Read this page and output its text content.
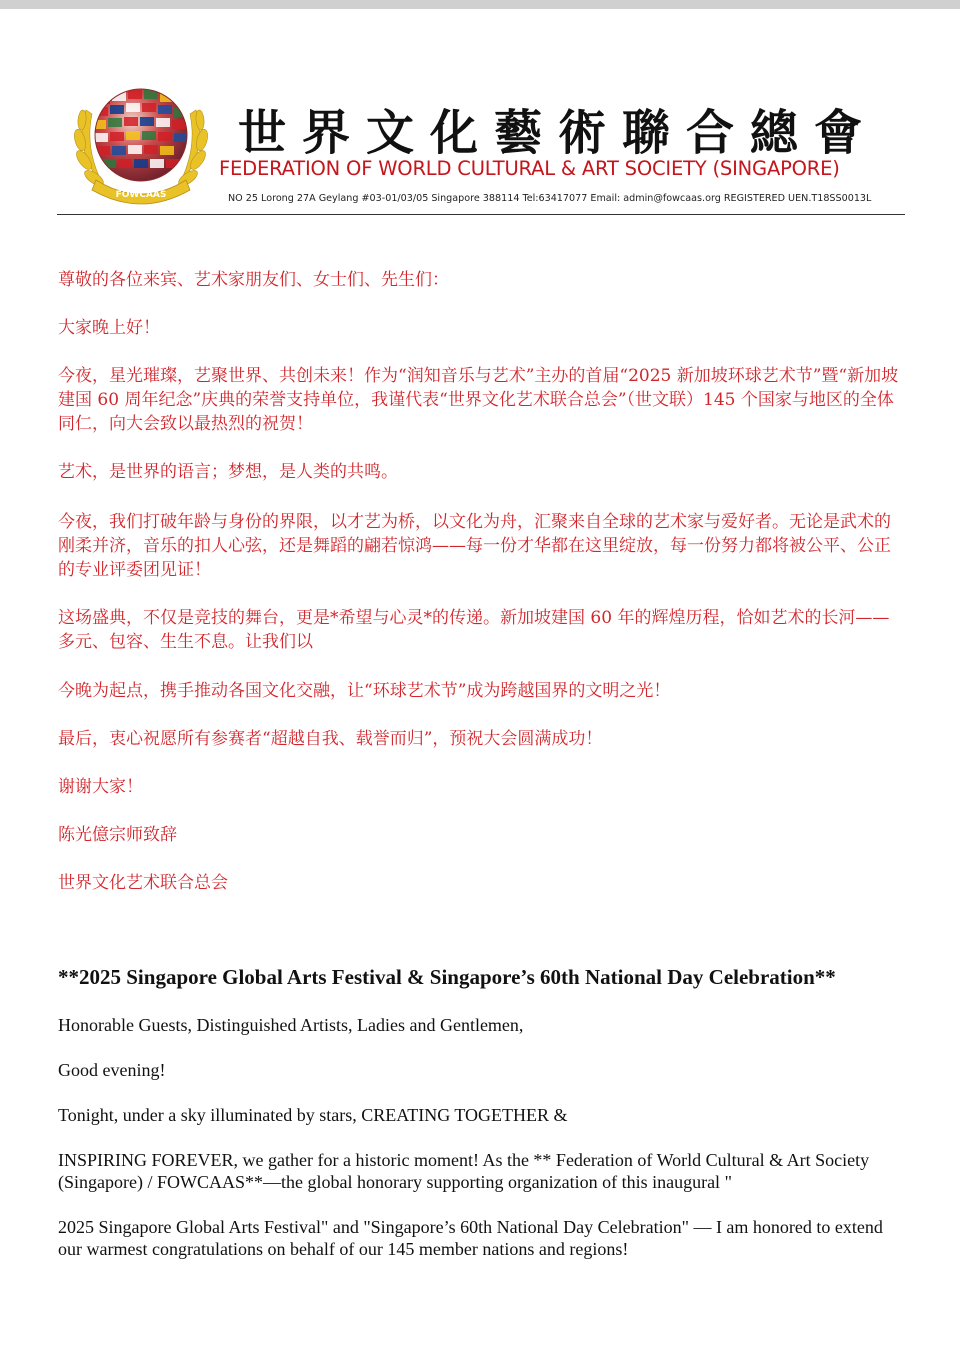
FOWCAAS
世界文化藝術聯合總會
FEDERATION OF WORLD CULTURAL & ART SOCIETY (SINGAPORE)
NO 25 Lorong 27A Geylang #03-01/03/05 Singapore 388114 Tel:63417077 Email: admin@fowcaas.org REGISTERED UEN.T18SS0013L

尊敬的各位来宾、艺术家朋友们、女士们、先生们：

大家晚上好！

今夜，星光璀璨，艺聚世界、共创未来！作为“润知音乐与艺术”主办的首届“2025 新加坡环球艺术节”暨“新加坡建国 60 周年纪念”庆典的荣誉支持单位，我谨代表“世界文化艺术联合总会”（世文联）145 个国家与地区的全体同仁，向大会致以最热烈的祝贺！

艺术，是世界的语言；梦想，是人类的共鸣。

今夜，我们打破年龄与身份的界限，以才艺为桥，以文化为舟，汇聚来自全球的艺术家与爱好者。无论是武术的刚柔并济，音乐的扣人心弦，还是舞蹈的翩若惊鸿——每一份才华都在这里绽放，每一份努力都将被公平、公正的专业评委团见证！

这场盛典，不仅是竞技的舞台，更是*希望与心灵*的传递。新加坡建国 60 年的辉煌历程，恰如艺术的长河——多元、包容、生生不息。让我们以

今晚为起点，携手推动各国文化交融，让“环球艺术节”成为跨越国界的文明之光！

最后，衷心祝愿所有参赛者“超越自我、载誉而归”，预祝大会圆满成功！

谢谢大家！

陈光億宗师致辞

世界文化艺术联合总会

**2025 Singapore Global Arts Festival & Singapore’s 60th National Day Celebration**

Honorable Guests, Distinguished Artists, Ladies and Gentlemen,

Good evening!

Tonight, under a sky illuminated by stars, CREATING TOGETHER &

INSPIRING FOREVER, we gather for a historic moment! As the ** Federation of World Cultural & Art Society (Singapore) / FOWCAAS**—the global honorary supporting organization of this inaugural "

2025 Singapore Global Arts Festival" and "Singapore’s 60th National Day Celebration" — I am honored to extend our warmest congratulations on behalf of our 145 member nations and regions!
